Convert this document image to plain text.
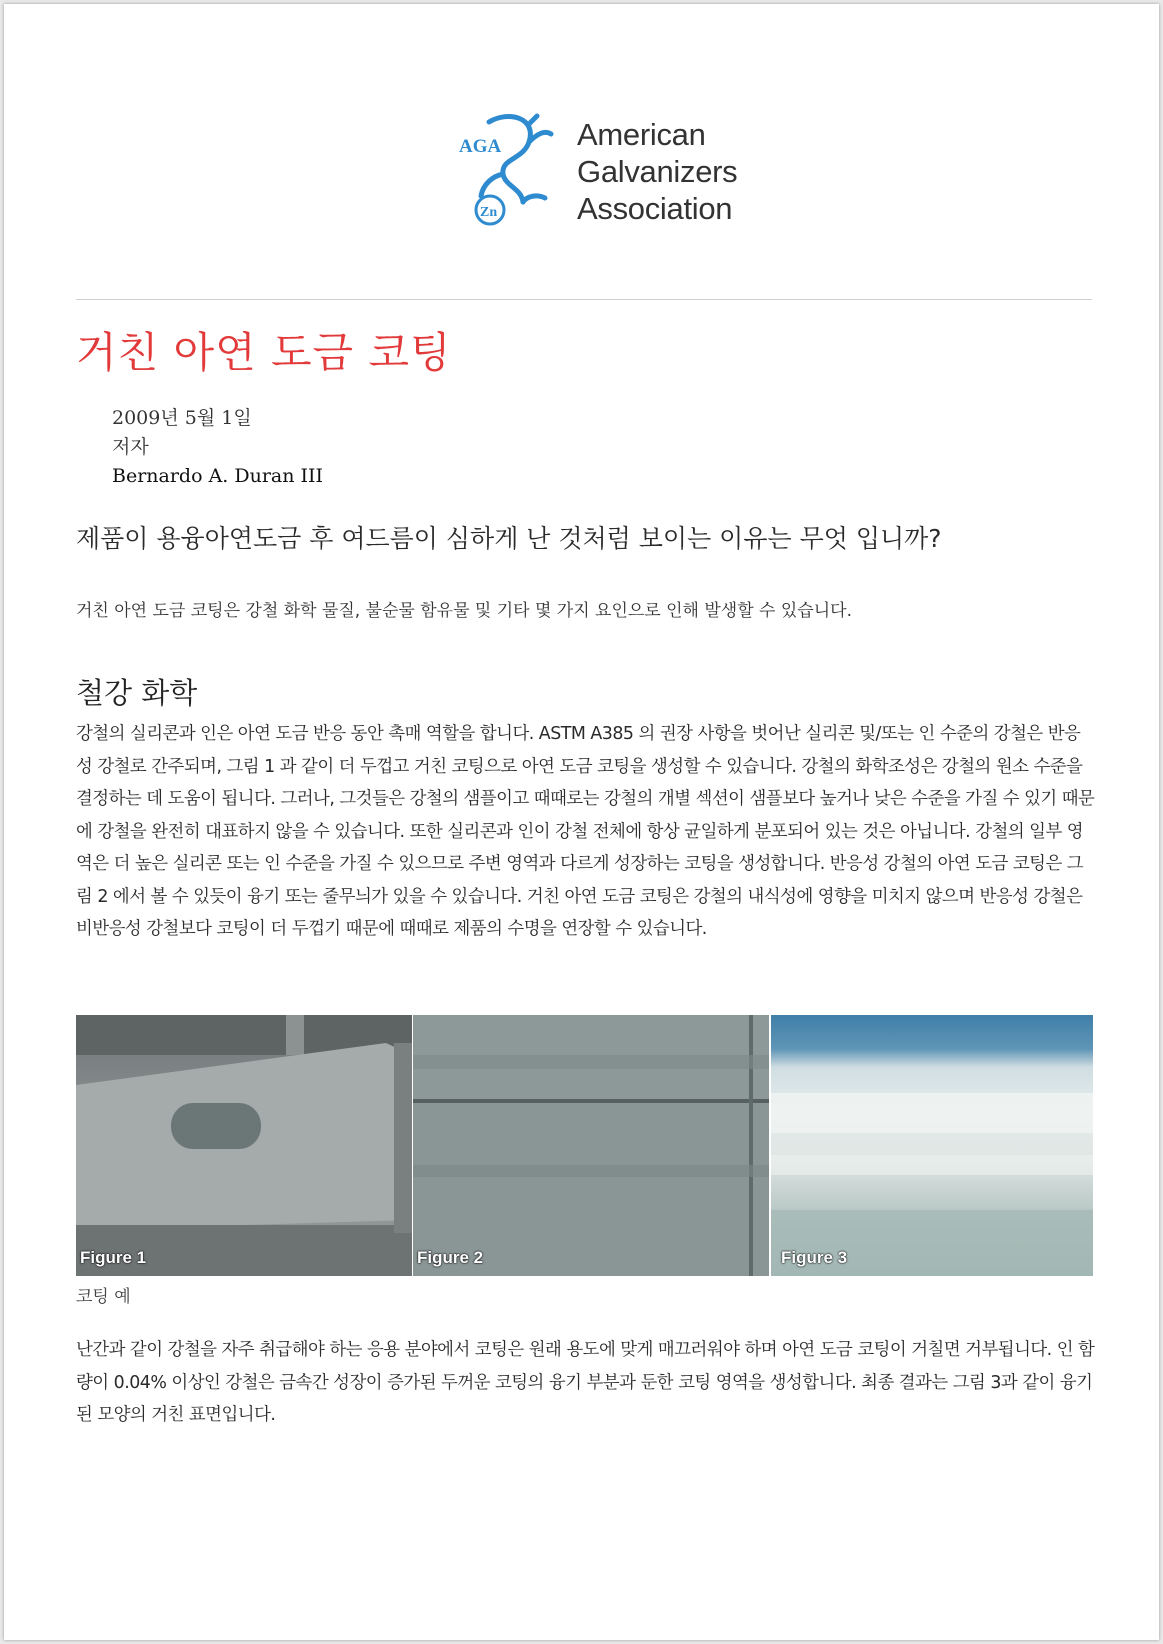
AGA
Zn
American
Galvanizers
Association
거친 아연 도금 코팅
2009년 5월 1일
저자
Bernardo A. Duran III
제품이 용융아연도금 후 여드름이 심하게 난 것처럼 보이는 이유는 무엇 입니까?

거친 아연 도금 코팅은 강철 화학 물질, 불순물 함유물 및 기타 몇 가지 요인으로 인해 발생할 수 있습니다.

철강 화학

강철의 실리콘과 인은 아연 도금 반응 동안 촉매 역할을 합니다. ASTM A385 의 권장 사항을 벗어난 실리콘 및/또는 인 수준의 강철은 반응성 강철로 간주되며, 그림 1 과 같이 더 두껍고 거친 코팅으로 아연 도금 코팅을 생성할 수 있습니다. 강철의 화학조성은 강철의 원소 수준을 결정하는 데 도움이 됩니다. 그러나, 그것들은 강철의 샘플이고 때때로는 강철의 개별 섹션이 샘플보다 높거나 낮은 수준을 가질 수 있기 때문에 강철을 완전히 대표하지 않을 수 있습니다. 또한 실리콘과 인이 강철 전체에 항상 균일하게 분포되어 있는 것은 아닙니다. 강철의 일부 영역은 더 높은 실리콘 또는 인 수준을 가질 수 있으므로 주변 영역과 다르게 성장하는 코팅을 생성합니다. 반응성 강철의 아연 도금 코팅은 그림 2 에서 볼 수 있듯이 융기 또는 줄무늬가 있을 수 있습니다. 거친 아연 도금 코팅은 강철의 내식성에 영향을 미치지 않으며 반응성 강철은 비반응성 강철보다 코팅이 더 두껍기 때문에 때때로 제품의 수명을 연장할 수 있습니다.

Figure 1	Figure 2	Figure 3

코팅 예

난간과 같이 강철을 자주 취급해야 하는 응용 분야에서 코팅은 원래 용도에 맞게 매끄러워야 하며 아연 도금 코팅이 거칠면 거부됩니다. 인 함량이 0.04% 이상인 강철은 금속간 성장이 증가된 두꺼운 코팅의 융기 부분과 둔한 코팅 영역을 생성합니다. 최종 결과는 그림 3과 같이 융기된 모양의 거친 표면입니다.
